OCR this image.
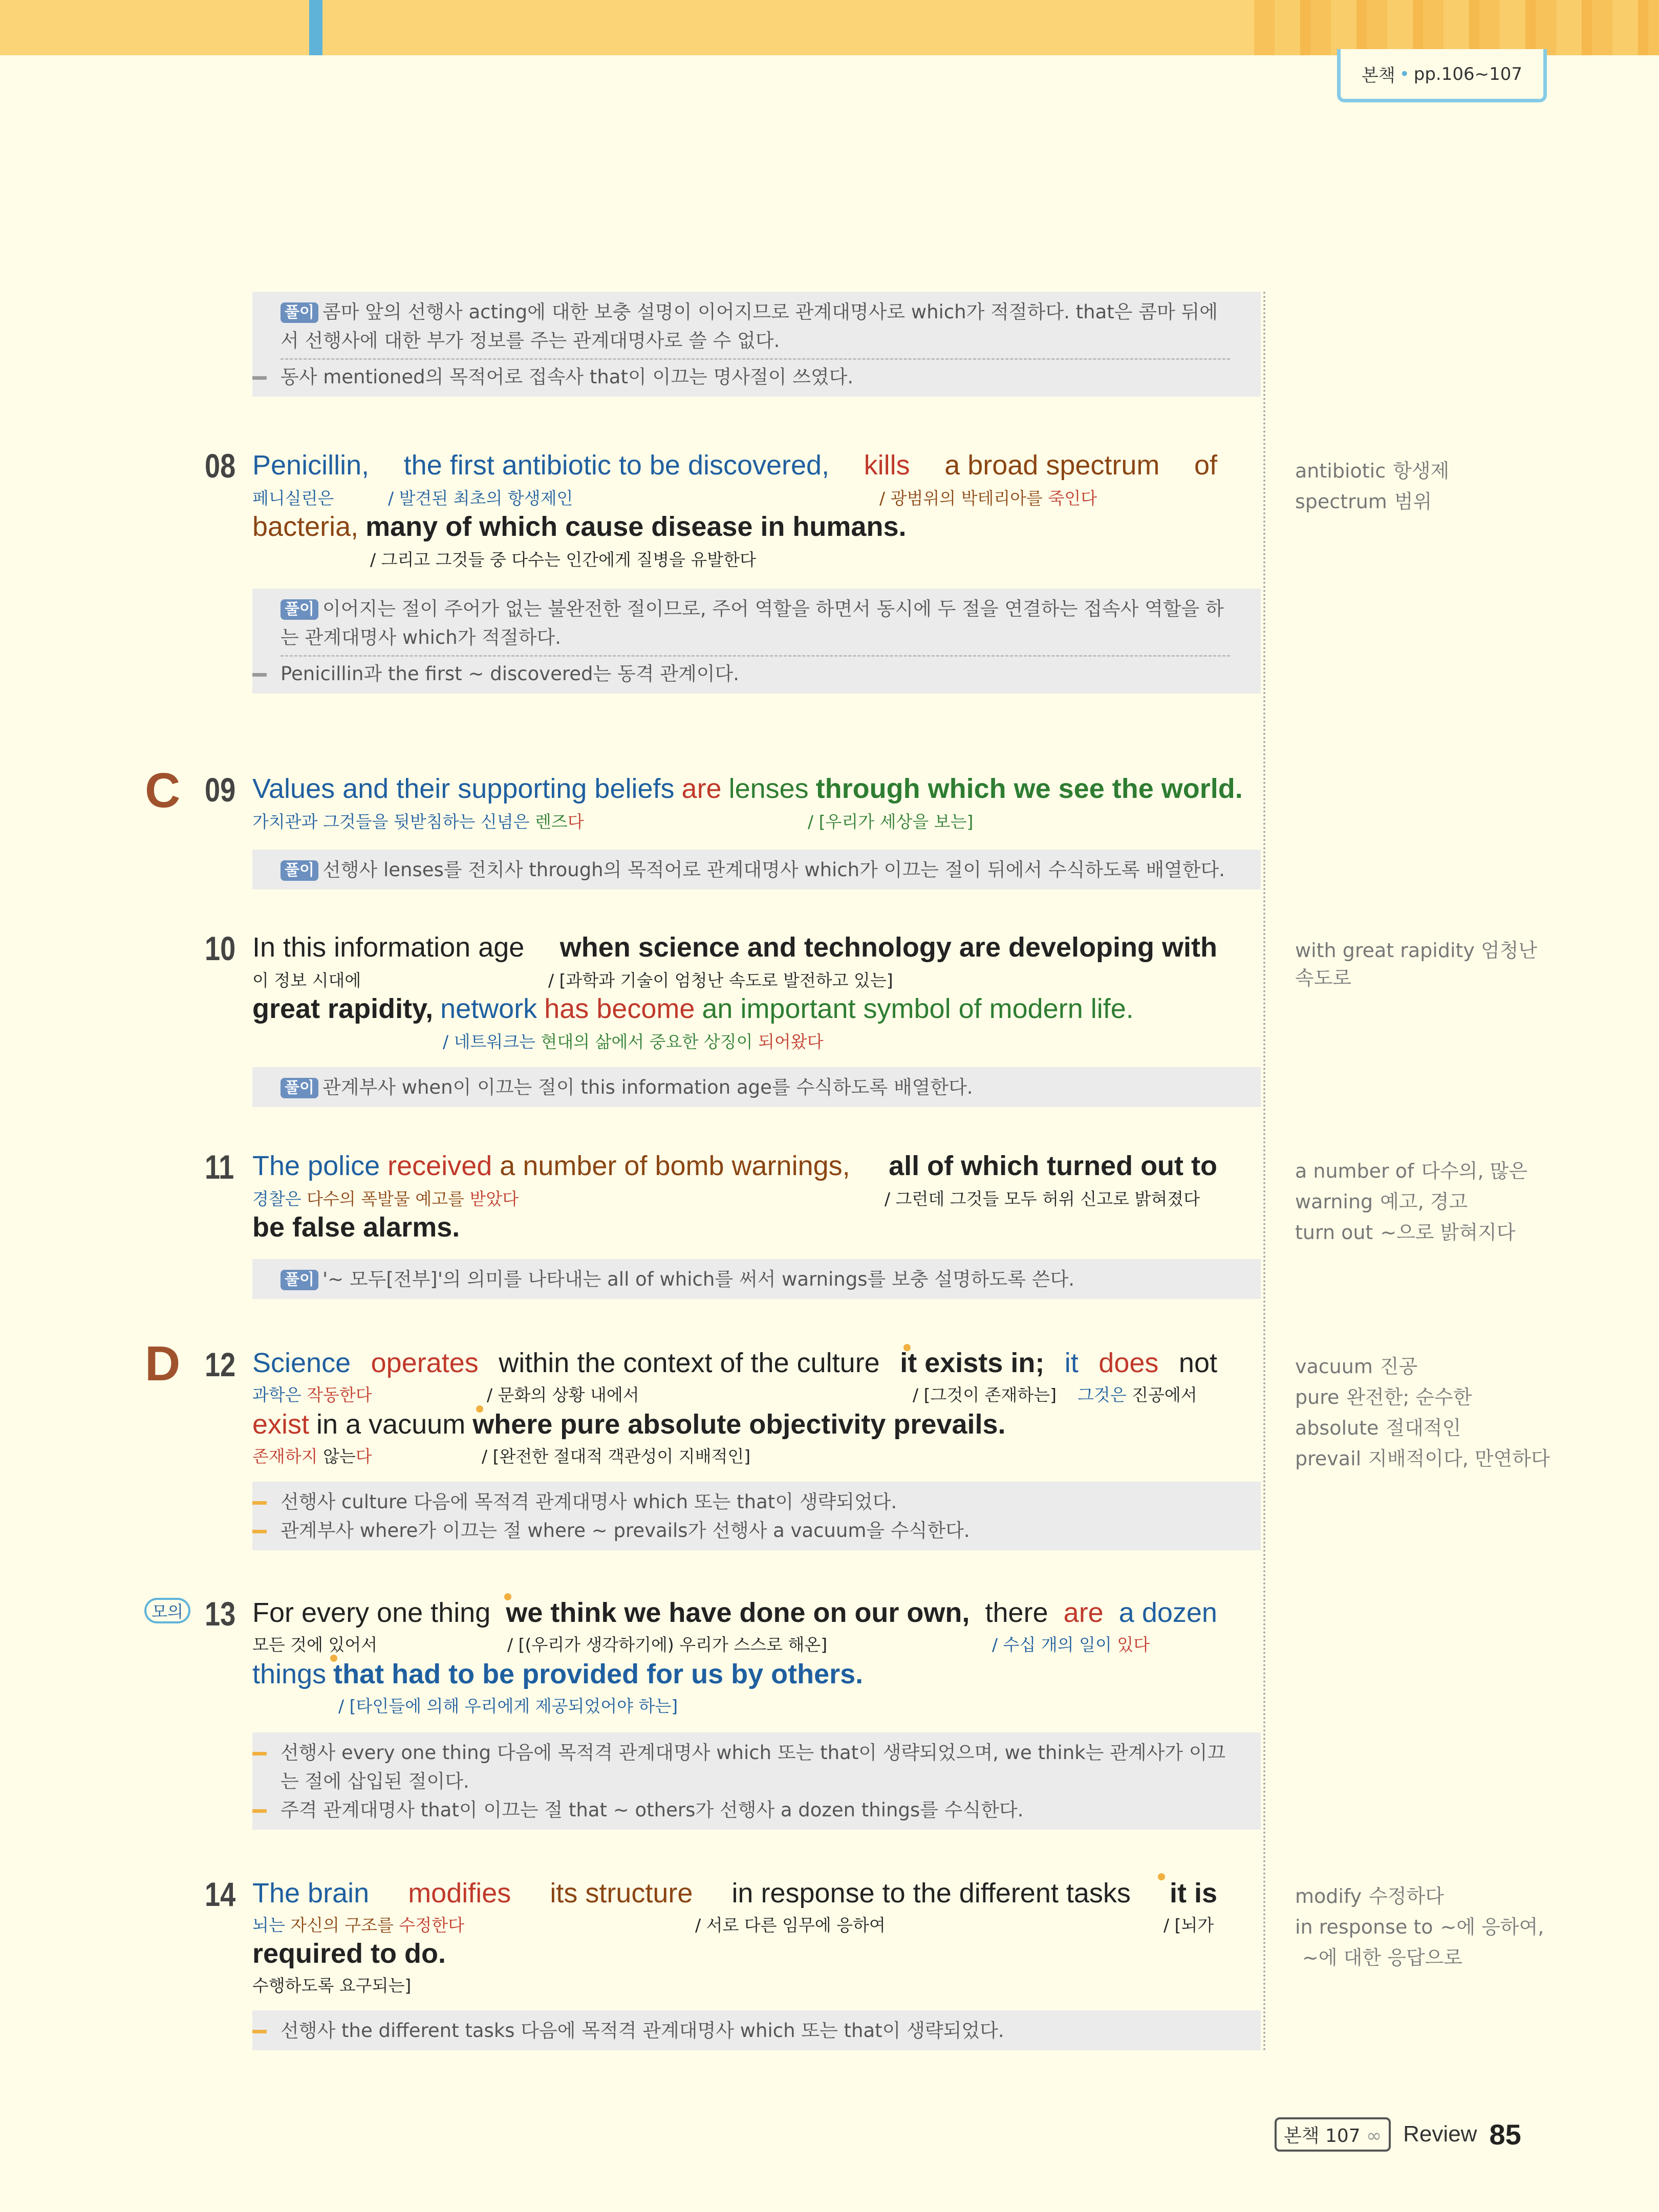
본책 • pp.106~107
풀이 콤마 앞의 선행사 acting에 대한 보충 설명이 이어지므로 관계대명사로 which가 적절하다. that은 콤마 뒤에
서 선행사에 대한 부가 정보를 주는 관계대명사로 쓸 수 없다.
동사 mentioned의 목적어로 접속사 that이 이끄는 명사절이 쓰였다.
08 Penicillin, the first antibiotic to be discovered, kills a broad spectrum of
페니실린은	/ 발견된 최초의 항생제인	/ 광범위의 박테리아를 죽인다
bacteria, many of which cause disease in humans.
/ 그리고 그것들 중 다수는 인간에게 질병을 유발한다
풀이 이어지는 절이 주어가 없는 불완전한 절이므로, 주어 역할을 하면서 동시에 두 절을 연결하는 접속사 역할을 하
는 관계대명사 which가 적절하다.
Penicillin과 the first ~ discovered는 동격 관계이다.
antibiotic 항생제
spectrum 범위
C 09 Values and their supporting beliefs are lenses through which we see the world.
가치관과 그것들을 뒷받침하는 신념은 렌즈다	/ [우리가 세상을 보는]
풀이 선행사 lenses를 전치사 through의 목적어로 관계대명사 which가 이끄는 절이 뒤에서 수식하도록 배열한다.
10 In this information age when science and technology are developing with
이 정보 시대에	/ [과학과 기술이 엄청난 속도로 발전하고 있는]
great rapidity, network has become an important symbol of modern life.
/ 네트워크는 현대의 삶에서 중요한 상징이 되어왔다
풀이 관계부사 when이 이끄는 절이 this information age를 수식하도록 배열한다.
with great rapidity 엄청난
속도로
11 The police received a number of bomb warnings, all of which turned out to
경찰은 다수의 폭발물 예고를 받았다	/ 그런데 그것들 모두 허위 신고로 밝혀졌다
be false alarms.
풀이 '~ 모두[전부]'의 의미를 나타내는 all of which를 써서 warnings를 보충 설명하도록 쓴다.
a number of 다수의, 많은
warning 예고, 경고
turn out ~으로 밝혀지다
D 12 Science operates within the context of the culture it exists in; it does not
과학은 작동한다	/ 문화의 상황 내에서	/ [그것이 존재하는] 그것은 진공에서
exist in a vacuum where pure absolute objectivity prevails.
존재하지 않는다	/ [완전한 절대적 객관성이 지배적인]
선행사 culture 다음에 목적격 관계대명사 which 또는 that이 생략되었다.
관계부사 where가 이끄는 절 where ~ prevails가 선행사 a vacuum을 수식한다.
vacuum 진공
pure 완전한; 순수한
absolute 절대적인
prevail 지배적이다, 만연하다
모의 13 For every one thing we think we have done on our own, there are a dozen
모든 것에 있어서	/ [(우리가 생각하기에) 우리가 스스로 해온]	/ 수십 개의 일이 있다
things that had to be provided for us by others.
/ [타인들에 의해 우리에게 제공되었어야 하는]
선행사 every one thing 다음에 목적격 관계대명사 which 또는 that이 생략되었으며, we think는 관계사가 이끄
는 절에 삽입된 절이다.
주격 관계대명사 that이 이끄는 절 that ~ others가 선행사 a dozen things를 수식한다.
14 The brain modifies its structure in response to the different tasks it is
뇌는 자신의 구조를 수정한다	/ 서로 다른 임무에 응하여	/ [뇌가
required to do.
수행하도록 요구되는]
선행사 the different tasks 다음에 목적격 관계대명사 which 또는 that이 생략되었다.
modify 수정하다
in response to ~에 응하여,
~에 대한 응답으로
본책 107 ∞ Review 85
